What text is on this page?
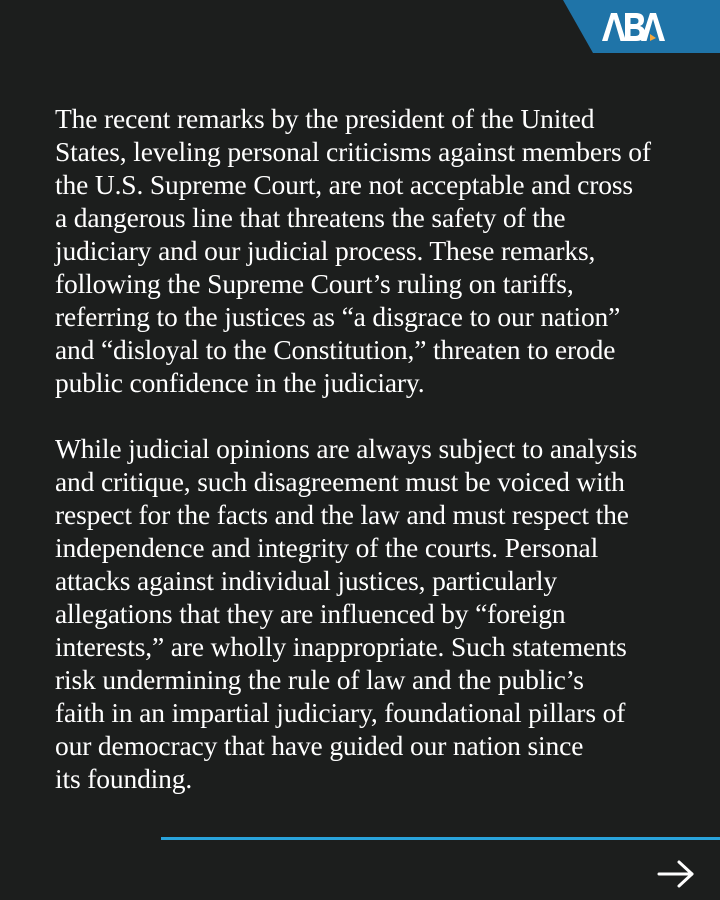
The recent remarks by the president of the United
States, leveling personal criticisms against members of
the U.S. Supreme Court, are not acceptable and cross
a dangerous line that threatens the safety of the
judiciary and our judicial process. These remarks,
following the Supreme Court’s ruling on tariffs,
referring to the justices as “a disgrace to our nation”
and “disloyal to the Constitution,” threaten to erode
public confidence in the judiciary.

While judicial opinions are always subject to analysis
and critique, such disagreement must be voiced with
respect for the facts and the law and must respect the
independence and integrity of the courts. Personal
attacks against individual justices, particularly
allegations that they are influenced by “foreign
interests,” are wholly inappropriate. Such statements
risk undermining the rule of law and the public’s
faith in an impartial judiciary, foundational pillars of
our democracy that have guided our nation since
its founding.
